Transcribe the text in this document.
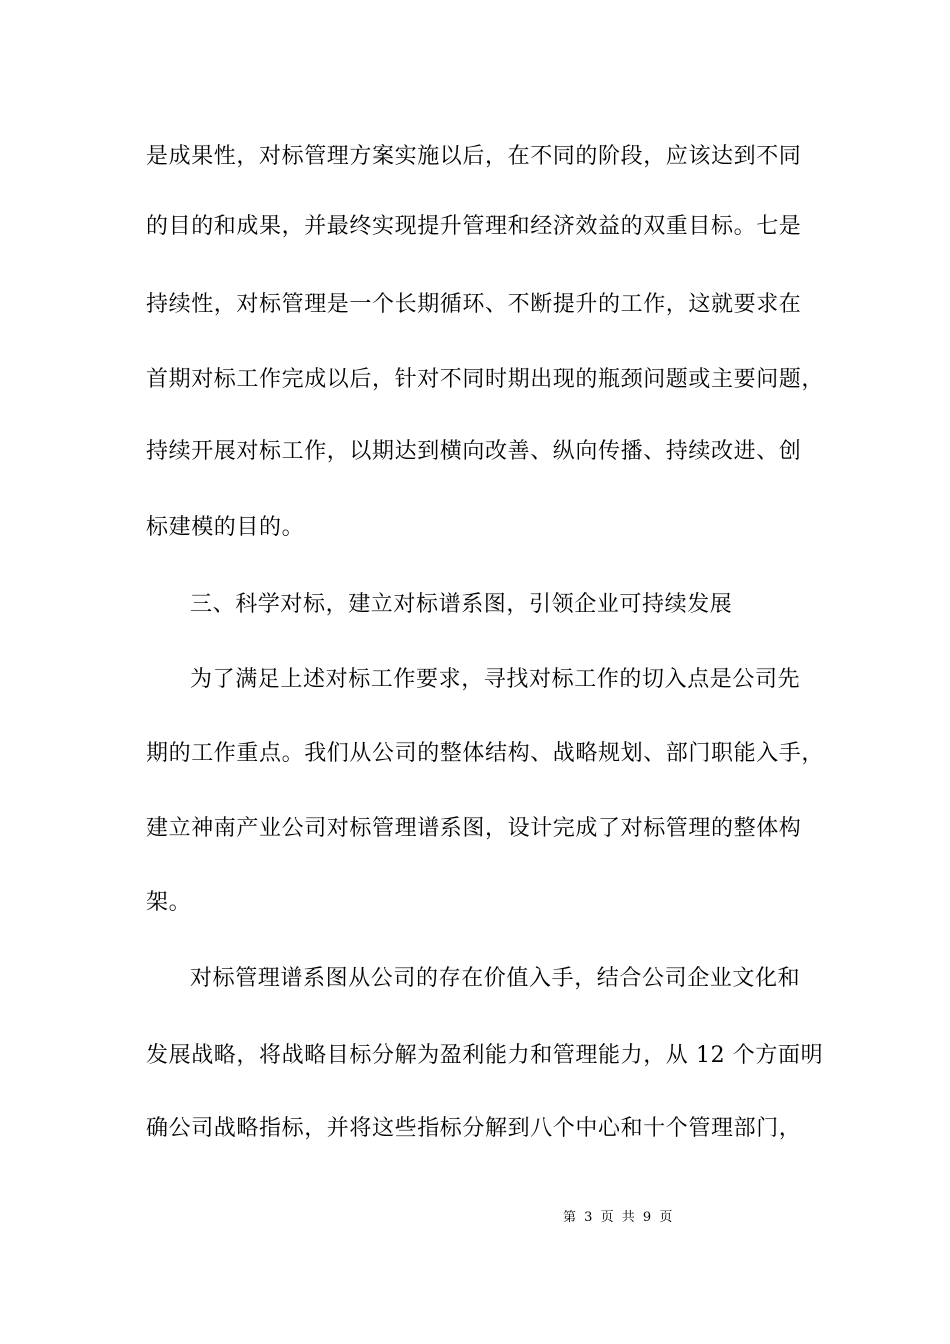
是成果性，对标管理方案实施以后，在不同的阶段，应该达到不同
的目的和成果，并最终实现提升管理和经济效益的双重目标。七是
持续性，对标管理是一个长期循环、不断提升的工作，这就要求在
首期对标工作完成以后，针对不同时期出现的瓶颈问题或主要问题，
持续开展对标工作，以期达到横向改善、纵向传播、持续改进、创
标建模的目的。
三、科学对标，建立对标谱系图，引领企业可持续发展
为了满足上述对标工作要求，寻找对标工作的切入点是公司先
期的工作重点。我们从公司的整体结构、战略规划、部门职能入手，
建立神南产业公司对标管理谱系图，设计完成了对标管理的整体构
架。
对标管理谱系图从公司的存在价值入手，结合公司企业文化和
发展战略，将战略目标分解为盈利能力和管理能力，从 12 个方面明
确公司战略指标，并将这些指标分解到八个中心和十个管理部门，
第 3 页 共 9 页
